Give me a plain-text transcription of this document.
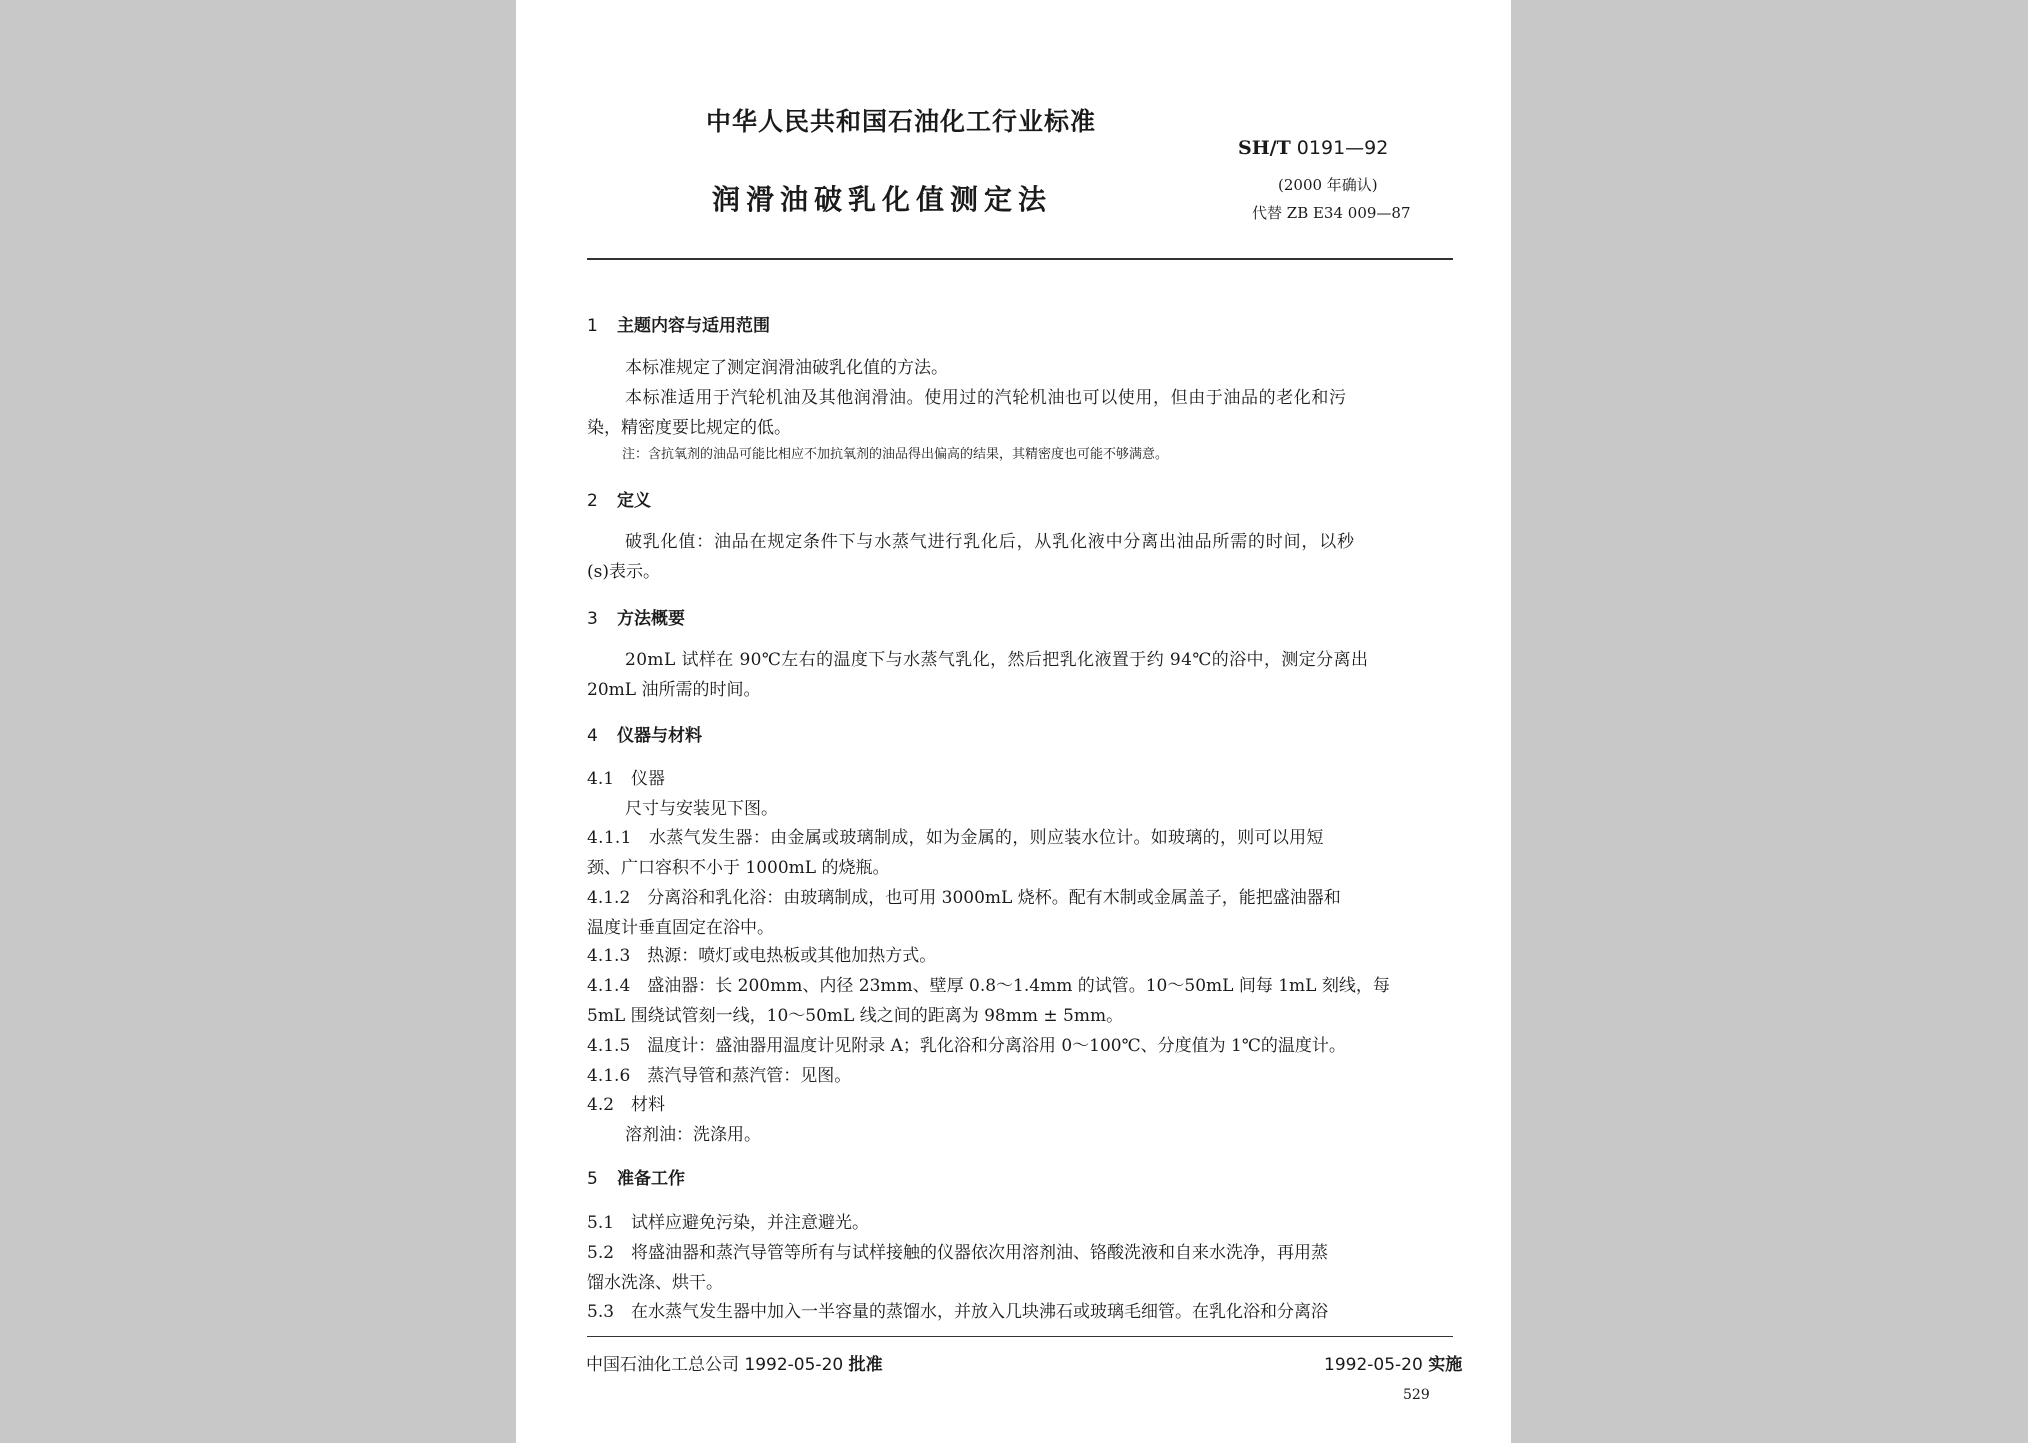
中华人民共和国石油化工行业标准
润滑油破乳化值测定法
SH/T 0191—92
(2000 年确认)
代替 ZB E34 009—87
1 主题内容与适用范围
本标准规定了测定润滑油破乳化值的方法。
本标准适用于汽轮机油及其他润滑油。使用过的汽轮机油也可以使用，但由于油品的老化和污
染，精密度要比规定的低。
注：含抗氧剂的油品可能比相应不加抗氧剂的油品得出偏高的结果，其精密度也可能不够满意。
2 定义
破乳化值：油品在规定条件下与水蒸气进行乳化后，从乳化液中分离出油品所需的时间，以秒
(s)表示。
3 方法概要
20mL 试样在 90℃左右的温度下与水蒸气乳化，然后把乳化液置于约 94℃的浴中，测定分离出
20mL 油所需的时间。
4 仪器与材料
4.1　仪器
尺寸与安装见下图。
4.1.1　水蒸气发生器：由金属或玻璃制成，如为金属的，则应装水位计。如玻璃的，则可以用短
颈、广口容积不小于 1000mL 的烧瓶。
4.1.2　分离浴和乳化浴：由玻璃制成，也可用 3000mL 烧杯。配有木制或金属盖子，能把盛油器和
温度计垂直固定在浴中。
4.1.3　热源：喷灯或电热板或其他加热方式。
4.1.4　盛油器：长 200mm、内径 23mm、壁厚 0.8～1.4mm 的试管。10～50mL 间每 1mL 刻线，每
5mL 围绕试管刻一线，10～50mL 线之间的距离为 98mm ± 5mm。
4.1.5　温度计：盛油器用温度计见附录 A；乳化浴和分离浴用 0～100℃、分度值为 1℃的温度计。
4.1.6　蒸汽导管和蒸汽管：见图。
4.2　材料
溶剂油：洗涤用。
5 准备工作
5.1　试样应避免污染，并注意避光。
5.2　将盛油器和蒸汽导管等所有与试样接触的仪器依次用溶剂油、铬酸洗液和自来水洗净，再用蒸
馏水洗涤、烘干。
5.3　在水蒸气发生器中加入一半容量的蒸馏水，并放入几块沸石或玻璃毛细管。在乳化浴和分离浴
中国石油化工总公司 1992-05-20 批准	1992-05-20 实施
529
